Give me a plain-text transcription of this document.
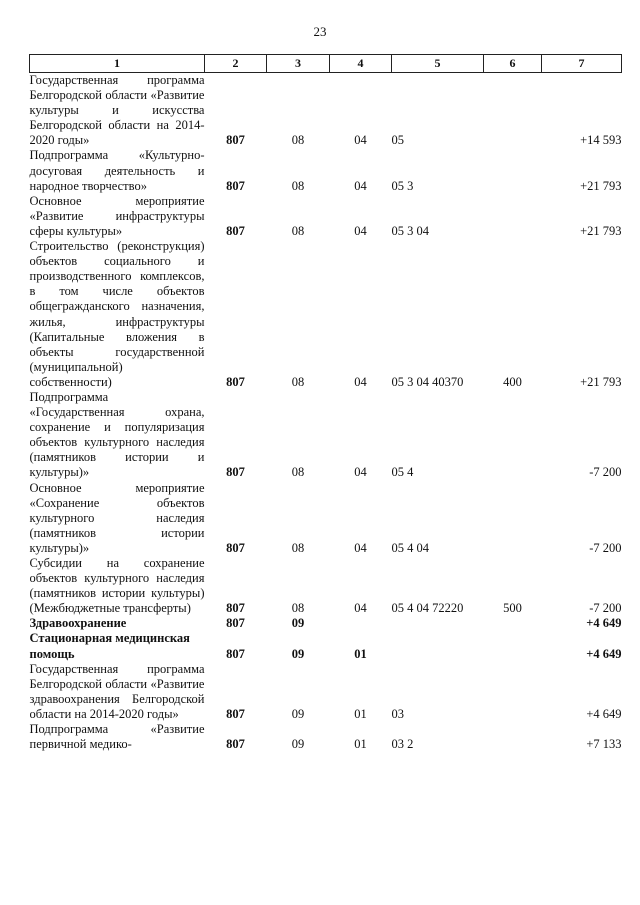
23
1	2	3	4	5	6	7
Государственная программа Белгородской области «Развитие культуры и искусства Белгородской области на 2014-2020 годы»	807	08	04	05		+14 593
Подпрограмма «Культурно-досуговая деятельность и народное творчество»	807	08	04	05 3		+21 793
Основное мероприятие «Развитие инфраструктуры сферы культуры»	807	08	04	05 3 04		+21 793
Строительство (реконструкция) объектов социального и производственного комплексов, в том числе объектов общегражданского назначения, жилья, инфраструктуры (Капитальные вложения в объекты государственной (муниципальной) собственности)	807	08	04	05 3 04 40370	400	+21 793
Подпрограмма «Государственная охрана, сохранение и популяризация объектов культурного наследия (памятников истории и культуры)»	807	08	04	05 4		-7 200
Основное мероприятие «Сохранение объектов культурного наследия (памятников истории культуры)»	807	08	04	05 4 04		-7 200
Субсидии на сохранение объектов культурного наследия (памятников истории культуры) (Межбюджетные трансферты)	807	08	04	05 4 04 72220	500	-7 200
Здравоохранение	807	09				+4 649
Стационарная медицинская помощь	807	09	01			+4 649
Государственная программа Белгородской области «Развитие здравоохранения Белгородской области на 2014-2020 годы»	807	09	01	03		+4 649
Подпрограмма «Развитие первичной медико-	807	09	01	03 2		+7 133
